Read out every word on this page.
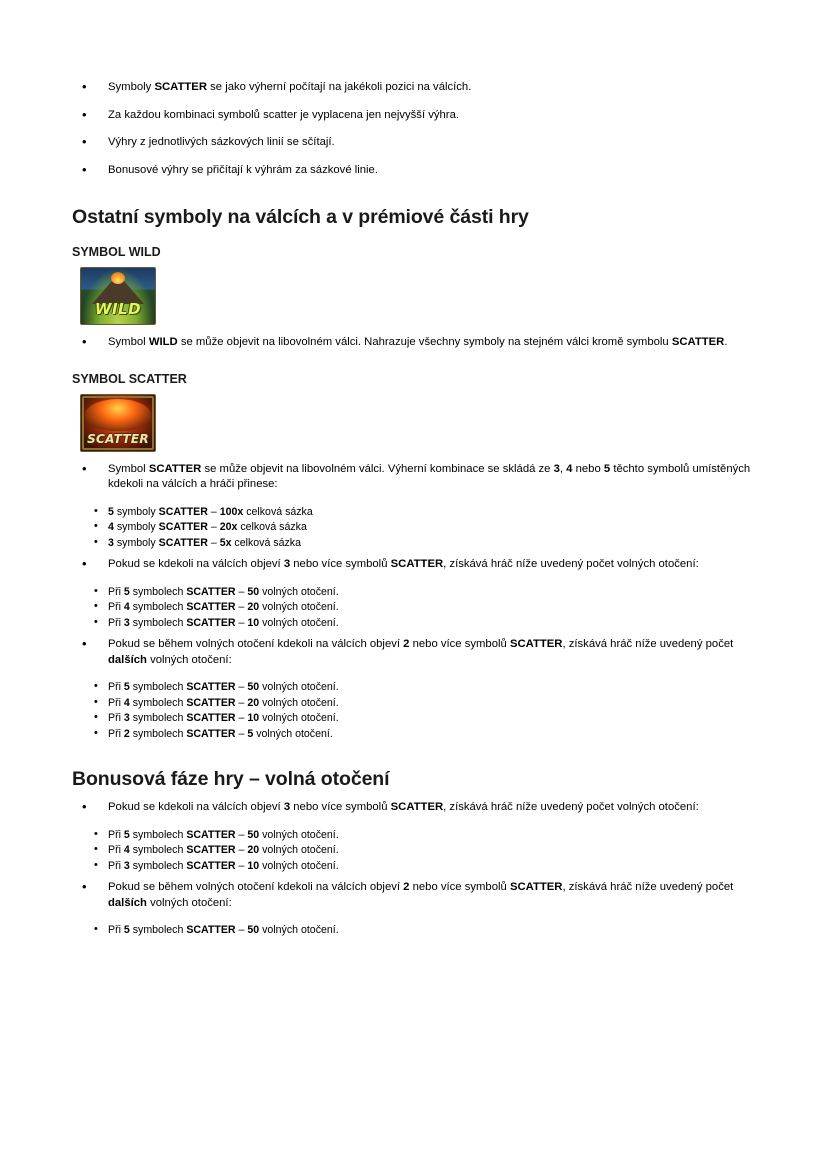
• Symboly SCATTER se jako výherní počítají na jakékoli pozici na válcích.
• Za každou kombinaci symbolů scatter je vyplacena jen nejvyšší výhra.
• Výhry z jednotlivých sázkových linií se sčítají.
• Bonusové výhry se přičítají k výhrám za sázkové linie.
Ostatní symboly na válcích a v prémiové části hry
SYMBOL WILD
WILD
• Symbol WILD se může objevit na libovolném válci. Nahrazuje všechny symboly na stejném válci kromě symbolu SCATTER.
SYMBOL SCATTER
SCATTER
• Symbol SCATTER se může objevit na libovolném válci. Výherní kombinace se skládá ze 3, 4 nebo 5 těchto symbolů umístěných kdekoli na válcích a hráči přinese:
• 5 symboly SCATTER – 100x celková sázka
• 4 symboly SCATTER – 20x celková sázka
• 3 symboly SCATTER – 5x celková sázka
• Pokud se kdekoli na válcích objeví 3 nebo více symbolů SCATTER, získává hráč níže uvedený počet volných otočení:
• Při 5 symbolech SCATTER – 50 volných otočení.
• Při 4 symbolech SCATTER – 20 volných otočení.
• Při 3 symbolech SCATTER – 10 volných otočení.
• Pokud se během volných otočení kdekoli na válcích objeví 2 nebo více symbolů SCATTER, získává hráč níže uvedený počet dalších volných otočení:
• Při 5 symbolech SCATTER – 50 volných otočení.
• Při 4 symbolech SCATTER – 20 volných otočení.
• Při 3 symbolech SCATTER – 10 volných otočení.
• Při 2 symbolech SCATTER – 5 volných otočení.
Bonusová fáze hry – volná otočení
• Pokud se kdekoli na válcích objeví 3 nebo více symbolů SCATTER, získává hráč níže uvedený počet volných otočení:
• Při 5 symbolech SCATTER – 50 volných otočení.
• Při 4 symbolech SCATTER – 20 volných otočení.
• Při 3 symbolech SCATTER – 10 volných otočení.
• Pokud se během volných otočení kdekoli na válcích objeví 2 nebo více symbolů SCATTER, získává hráč níže uvedený počet dalších volných otočení:
• Při 5 symbolech SCATTER – 50 volných otočení.
